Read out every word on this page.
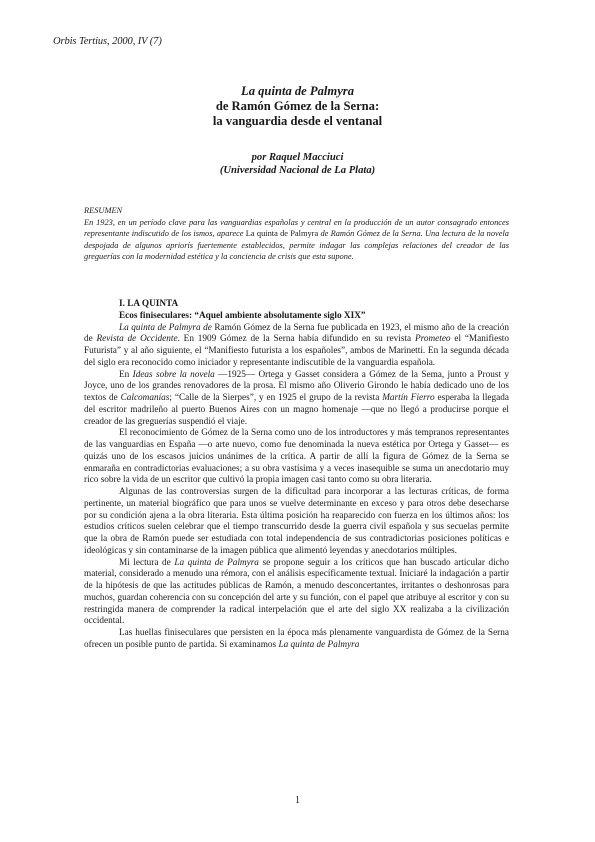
Orbis Tertius, 2000, IV (7)
La quinta de Palmyra
de Ramón Gómez de la Serna:
la vanguardia desde el ventanal
por Raquel Macciuci
(Universidad Nacional de La Plata)
RESUMEN

En 1923, en un período clave para las vanguardias españolas y central en la producción de un autor consagrado entonces representante indiscutido de los ismos, aparece La quinta de Palmyra de Ramón Gómez de la Serna. Una lectura de la novela despojada de algunos apriorís fuertemente establecidos, permite indagar las complejas relaciones del creador de las greguerías con la modernidad estética y la conciencia de crisis que esta supone.

I. LA QUINTA
Ecos finiseculares: “Aquel ambiente absolutamente siglo XIX”

La quinta de Palmyra de Ramón Gómez de la Serna fue publicada en 1923, el mismo año de la creación de Revista de Occidente. En 1909 Gómez de la Serna había difundido en su revista Prometeo el “Manifiesto Futurista” y al año siguiente, el “Manifiesto futurista a los españoles”, ambos de Marinetti. En la segunda década del siglo era reconocido como iniciador y representante indiscutible de la vanguardia española.

En Ideas sobre la novela —1925— Ortega y Gasset considera a Gómez de la Sema, junto a Proust y Joyce, uno de los grandes renovadores de la prosa. El mismo año Oliverio Girondo le había dedicado uno de los textos de Calcomanías; “Calle de la Sierpes”, y en 1925 el grupo de la revista Martín Fierro esperaba la llegada del escritor madrileño al puerto Buenos Aires con un magno homenaje —que no llegó a producirse porque el creador de las greguerías suspendió el viaje.

El reconocimiento de Gómez de la Serna como uno de los introductores y más tempranos representantes de las vanguardias en España —o arte nuevo, como fue denominada la nueva estética por Ortega y Gasset— es quizás uno de los escasos juicios unánimes de la crítica. A partir de allí la figura de Gómez de la Serna se enmaraña en contradictorias evaluaciones; a su obra vastísima y a veces inasequible se suma un anecdotario muy rico sobre la vida de un escritor que cultivó la propia imagen casi tanto como su obra literaria.

Algunas de las controversias surgen de la dificultad para incorporar a las lecturas críticas, de forma pertinente, un material biográfico que para unos se vuelve determinante en exceso y para otros debe desecharse por su condición ajena a la obra literaria. Esta última posición ha reaparecido con fuerza en los últimos años: los estudios críticos suelen celebrar que el tiempo transcurrido desde la guerra civil española y sus secuelas permite que la obra de Ramón puede ser estudiada con total independencia de sus contradictorias posiciones políticas e ideológicas y sin contaminarse de la imagen pública que alimentó leyendas y anecdotarios múltiples.

Mi lectura de La quinta de Palmyra se propone seguir a los críticos que han buscado articular dicho material, considerado a menudo una rémora, con el análisis específicamente textual. Iniciaré la indagación a partir de la hipótesis de que las actitudes públicas de Ramón, a menudo desconcertantes, irritantes o deshonrosas para muchos, guardan coherencia con su concepción del arte y su función, con el papel que atribuye al escritor y con su restringida manera de comprender la radical interpelación que el arte del siglo XX realizaba a la civilización occidental.

Las huellas finiseculares que persisten en la época más plenamente vanguardista de Gómez de la Serna ofrecen un posible punto de partida. Si examinamos La quinta de Palmyra

1
